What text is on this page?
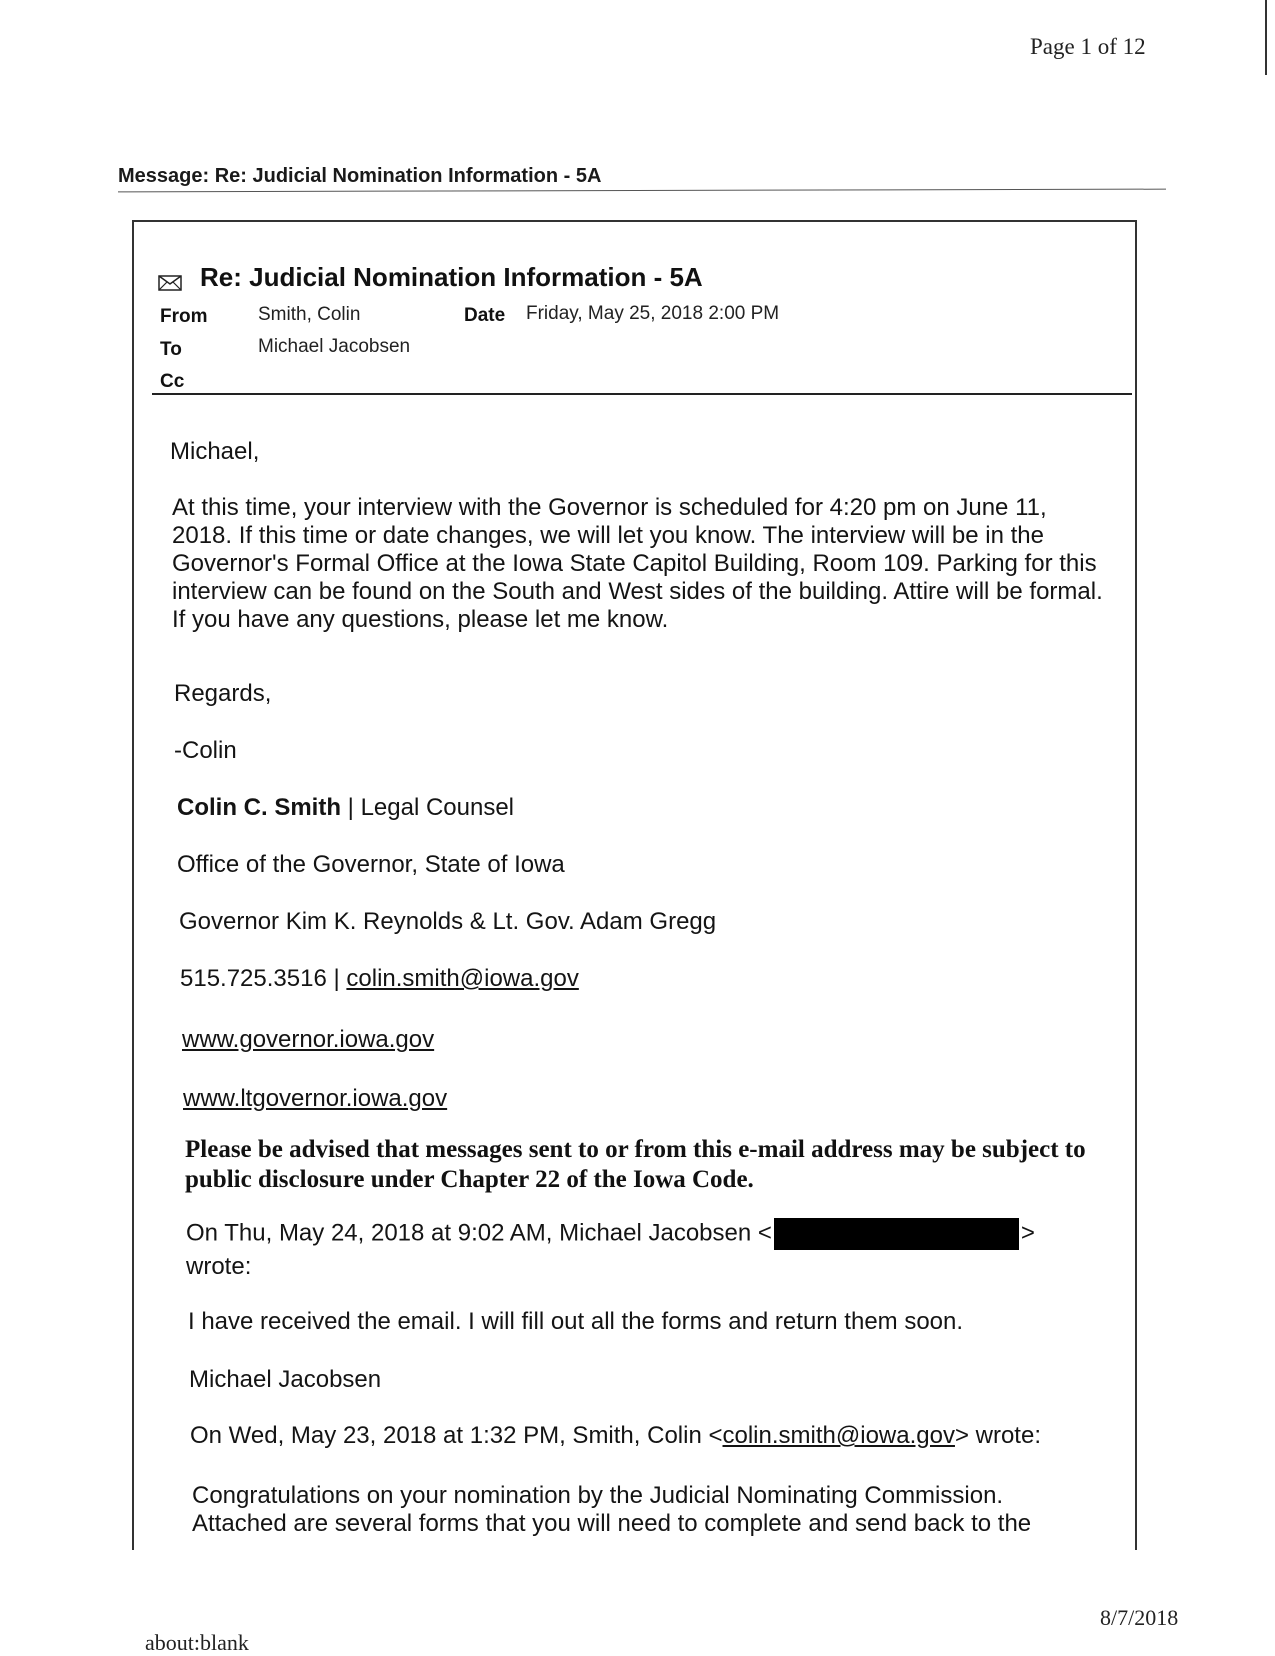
Page 1 of 12
Message: Re: Judicial Nomination Information - 5A
Re: Judicial Nomination Information - 5A
From	Smith, Colin	Date Friday, May 25, 2018 2:00 PM
To	Michael Jacobsen
Cc
Michael,
At this time, your interview with the Governor is scheduled for 4:20 pm on June 11, 2018. If this time or date changes, we will let you know. The interview will be in the Governor's Formal Office at the Iowa State Capitol Building, Room 109. Parking for this interview can be found on the South and West sides of the building. Attire will be formal. If you have any questions, please let me know.
Regards,
-Colin
Colin C. Smith | Legal Counsel
Office of the Governor, State of Iowa
Governor Kim K. Reynolds & Lt. Gov. Adam Gregg
515.725.3516 | colin.smith@iowa.gov
www.governor.iowa.gov
www.ltgovernor.iowa.gov
Please be advised that messages sent to or from this e-mail address may be subject to public disclosure under Chapter 22 of the Iowa Code.
On Thu, May 24, 2018 at 9:02 AM, Michael Jacobsen <	>
wrote:
I have received the email. I will fill out all the forms and return them soon.
Michael Jacobsen
On Wed, May 23, 2018 at 1:32 PM, Smith, Colin <colin.smith@iowa.gov> wrote:
Congratulations on your nomination by the Judicial Nominating Commission. Attached are several forms that you will need to complete and send back to the
8/7/2018
about:blank
